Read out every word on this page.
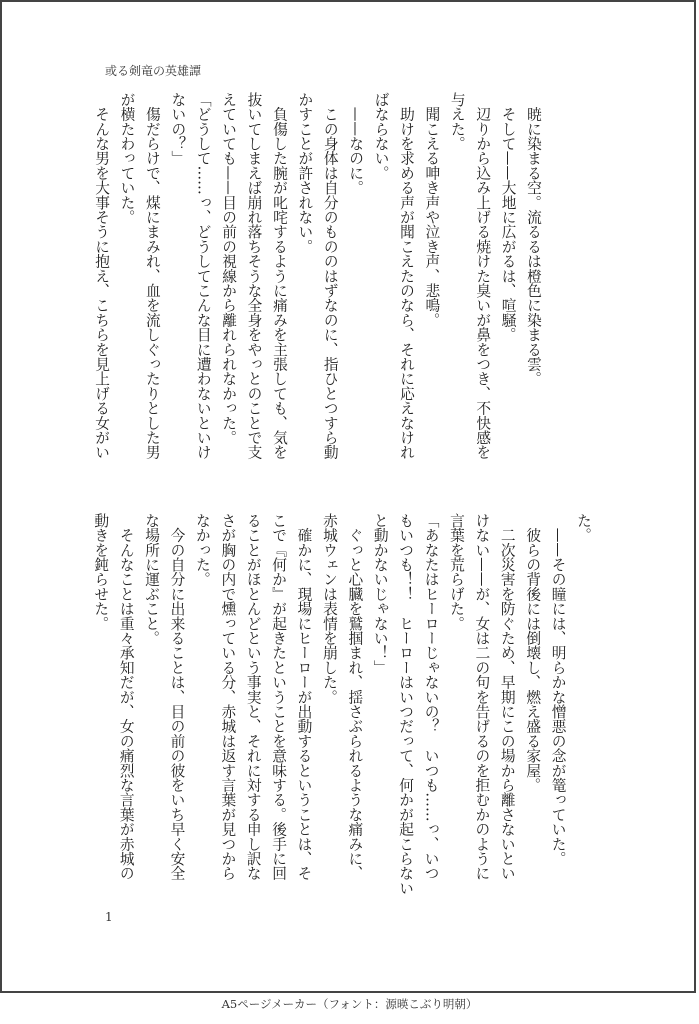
或る剣竜の英雄譚
　暁に染まる空。流るるは橙色に染まる雲。
　そして——大地に広がるは、喧騒。
　辺りから込み上げる焼けた臭いが鼻をつき、不快感を
与えた。
　聞こえる呻き声や泣き声、悲鳴。
　助けを求める声が聞こえたのなら、それに応えなけれ
ばならない。
　——なのに。
　この身体は自分のもののはずなのに、指ひとつすら動
かすことが許されない。
　負傷した腕が叱咤するように痛みを主張しても、気を
抜いてしまえば崩れ落ちそうな全身をやっとのことで支
えていても——目の前の視線から離れられなかった。
「どうして……っ、どうしてこんな目に遭わないといけ
ないの？」
　傷だらけで、煤にまみれ、血を流しぐったりとした男
が横たわっていた。
　そんな男を大事そうに抱え、こちらを見上げる女がい
た。
　——その瞳には、明らかな憎悪の念が篭っていた。
　彼らの背後には倒壊し、燃え盛る家屋。
　二次災害を防ぐため、早期にこの場から離さないとい
けない——が、女は二の句を告げるのを拒むかのように
言葉を荒らげた。
「あなたはヒーローじゃないの？　いつも……っ、いつ
もいつも！！　ヒーローはいつだって、何かが起こらない
と動かないじゃない！」
　ぐっと心臓を鷲掴まれ、揺さぶられるような痛みに、
赤城ウェンは表情を崩した。
　確かに、現場にヒーローが出動するということは、そ
こで『何か』が起きたということを意味する。後手に回
ることがほとんどという事実と、それに対する申し訳な
さが胸の内で燻っている分、赤城は返す言葉が見つから
なかった。
　今の自分に出来ることは、目の前の彼をいち早く安全
な場所に運ぶこと。
　そんなことは重々承知だが、女の痛烈な言葉が赤城の
動きを鈍らせた。
1
A5ページメーカー（フォント：源暎こぶり明朝）
